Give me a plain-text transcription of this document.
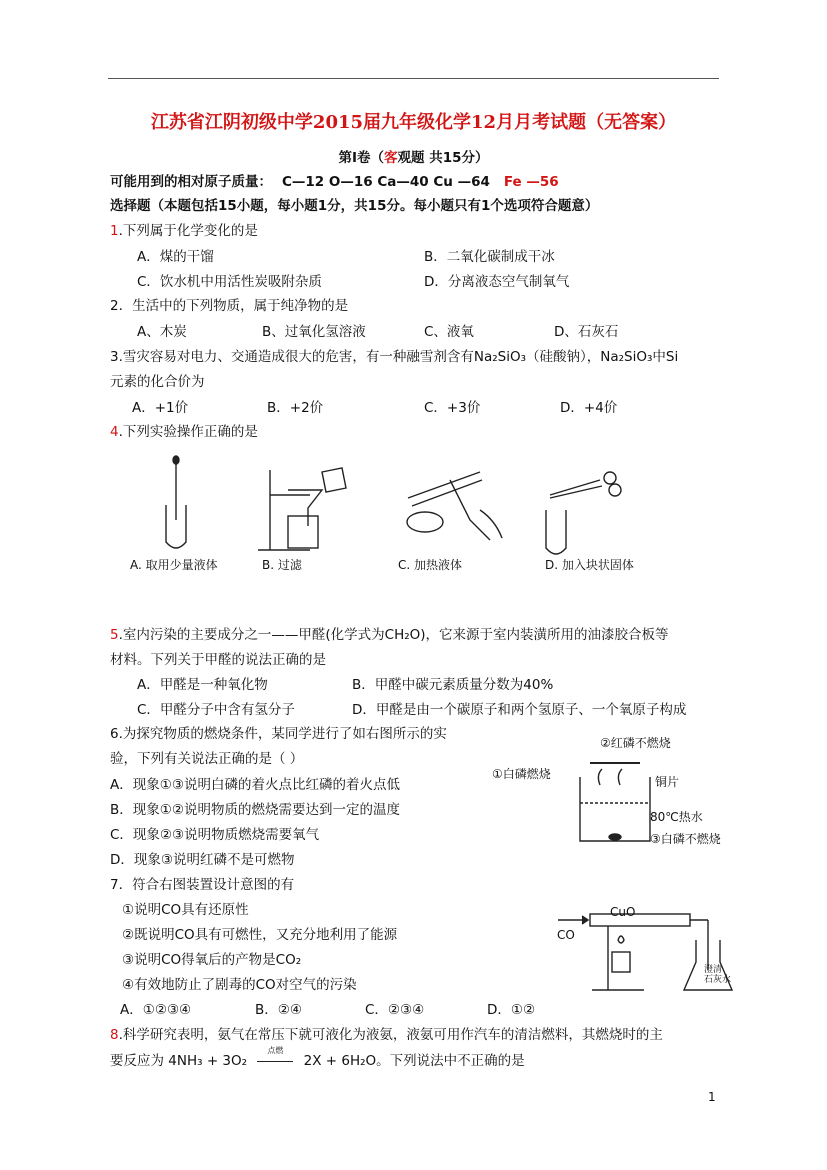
江苏省江阴初级中学2015届九年级化学12月月考试题（无答案）
第Ⅰ卷（客观题 共15分）
可能用到的相对原子质量： C—12 O—16 Ca—40 Cu —64 Fe —56
选择题（本题包括15小题，每小题1分，共15分。每小题只有1个选项符合题意）
1.下列属于化学变化的是
A．煤的干馏	B．二氧化碳制成干冰
C．饮水机中用活性炭吸附杂质	D．分离液态空气制氧气
2．生活中的下列物质，属于纯净物的是
A、木炭	B、过氧化氢溶液	C、液氧	D、石灰石
3.雪灾容易对电力、交通造成很大的危害，有一种融雪剂含有Na₂SiO₃（硅酸钠），Na₂SiO₃中Si
元素的化合价为
A．+1价	B．+2价	C．+3价	D．+4价
4.下列实验操作正确的是
A. 取用少量液体	B. 过滤	C. 加热液体	D. 加入块状固体
5.室内污染的主要成分之一——甲醛(化学式为CH₂O)，它来源于室内装潢所用的油漆胶合板等
材料。下列关于甲醛的说法正确的是
A．甲醛是一种氧化物	B．甲醛中碳元素质量分数为40%
C．甲醛分子中含有氢分子	D．甲醛是由一个碳原子和两个氢原子、一个氧原子构成
6.为探究物质的燃烧条件，某同学进行了如右图所示的实
验，下列有关说法正确的是（ ）
A．现象①③说明白磷的着火点比红磷的着火点低
B．现象①②说明物质的燃烧需要达到一定的温度
C．现象②③说明物质燃烧需要氧气
D．现象③说明红磷不是可燃物
②红磷不燃烧
①白磷燃烧
铜片
80℃热水
③白磷不燃烧
7．符合右图装置设计意图的有
①说明CO具有还原性
②既说明CO具有可燃性，又充分地利用了能源
③说明CO得氧后的产物是CO₂
④有效地防止了剧毒的CO对空气的污染
A．①②③④	B．②④	C．②③④	D．①②
CuO
CO
澄清
石灰水
8.科学研究表明，氨气在常压下就可液化为液氨，液氨可用作汽车的清洁燃料，其燃烧时的主
要反应为 4NH₃ + 3O₂
点燃
2X + 6H₂O。下列说法中不正确的是
1
